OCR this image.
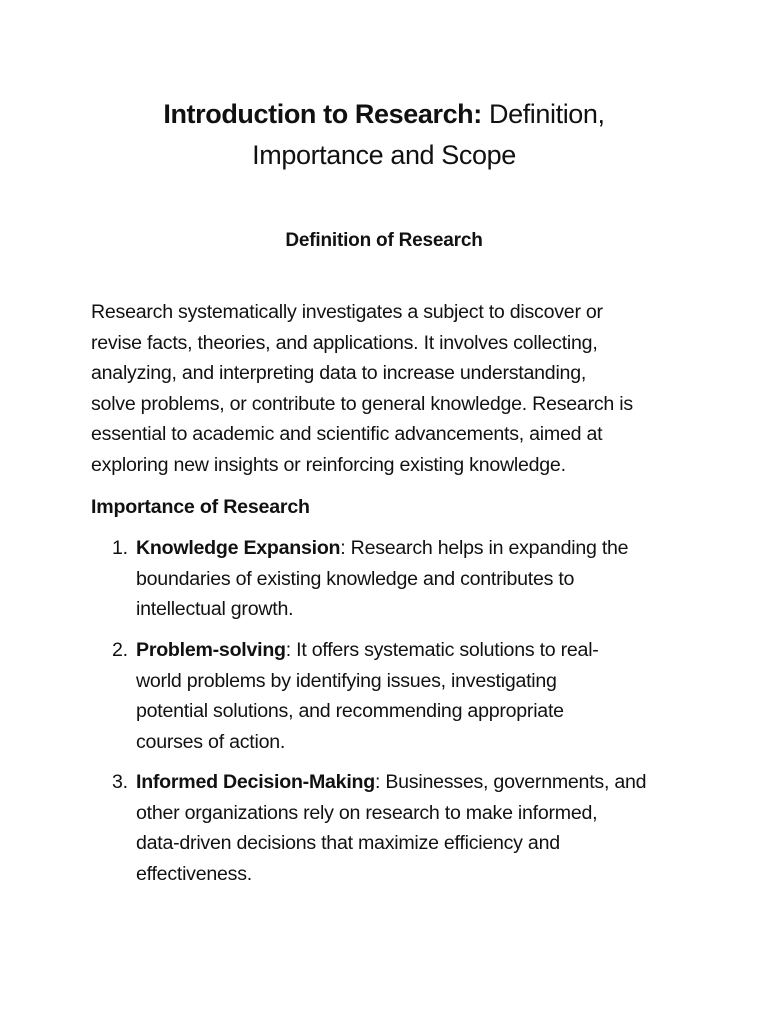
Introduction to Research: Definition,
Importance and Scope
Definition of Research
Research systematically investigates a subject to discover or
revise facts, theories, and applications. It involves collecting,
analyzing, and interpreting data to increase understanding,
solve problems, or contribute to general knowledge. Research is
essential to academic and scientific advancements, aimed at
exploring new insights or reinforcing existing knowledge.
Importance of Research
1. Knowledge Expansion: Research helps in expanding the
boundaries of existing knowledge and contributes to
intellectual growth.
2. Problem-solving: It offers systematic solutions to real-
world problems by identifying issues, investigating
potential solutions, and recommending appropriate
courses of action.
3. Informed Decision-Making: Businesses, governments, and
other organizations rely on research to make informed,
data-driven decisions that maximize efficiency and
effectiveness.
